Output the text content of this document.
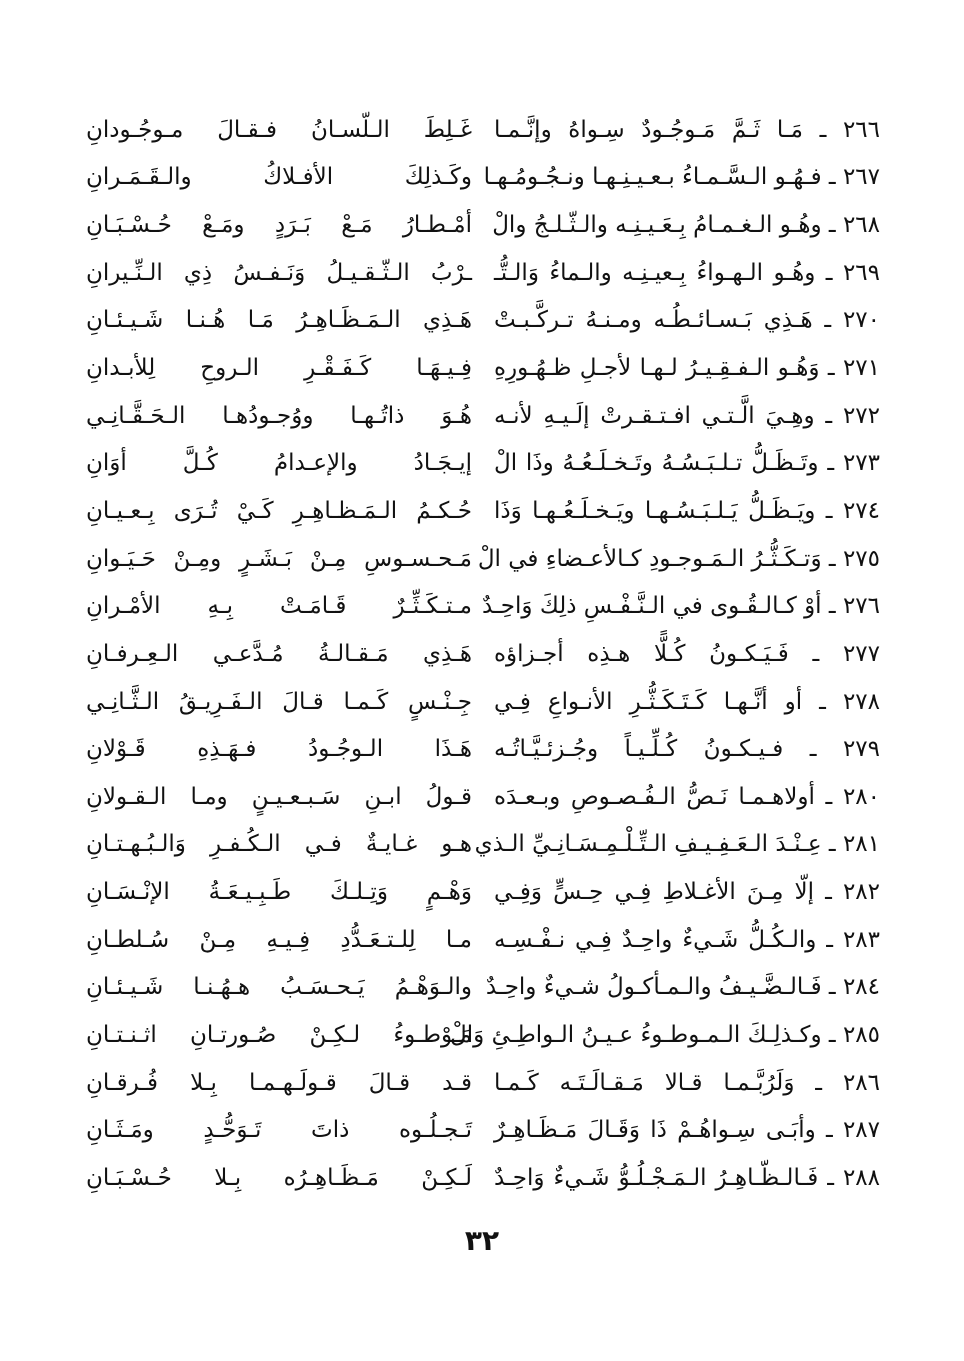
٢٦٦ ـ مَـا ثَـمَّ مَـوجُـودٌ سِـواهُ وإنَّـمـا
غَـلِطَ الـلّسـانُ فـقـالَ مـوجُـودانِ
٢٦٧ ـ فـهُـو الـسَّـمـاءُ بـعـيـنِـهـا ونـجُـومُـهـا
وكَـذلِكَ الأفـلاكُ والـقَـمَـرانِ
٢٦٨ ـ وهُـو الـغـمـامُ بِـعَـيـنِـه والـثّـلـجُ والْ
أمْـطـارُ مَـعْ بَـرَدٍ ومَـعْ حُـسْـبَـانِ
٢٦٩ ـ وهُـو الـهـواءُ بِـعيـنِـه والـماءُ وَالـتُّـ
ـرْبُ الـثّـقـيـلُ وَنَـفـسُ ذِي الـنِّـيرانِ
٢٧٠ ـ هَـذِي بَـسـائـطُـه ومـنـهُ تـركَّـبـتْ
هَـذِي الـمَـظَـاهِـرُ مَـا هُـنـا شَـيـئـانِ
٢٧١ ـ وَهُـو الـفـقِـيـرُ لـهـا لأجـلِ ظـهُـورِهِ
فِـيـهَـا كَـفَـقْـرِ الـروحِ لِلأبـدانِ
٢٧٢ ـ وهِـيَ الَّـتـي افـتـقـرتْ إلَـيـهِ لأنـه
هُـوَ ذاتُـهـا ووُجـودُهـا الـحَـقَّـانِـي
٢٧٣ ـ وتَـظَـلُّ تـلـبَـسُـهُ وتَـخـلَـعُـهُ وذَا الْ
إيـجَـادُ والإعـدامُ كُـلَّ أوَانِ
٢٧٤ ـ ويَـظَـلُّ يَـلـبَـسُـهـا ويَـخـلَـعُـهـا وَذَا
حُـكـمُ الـمَـظـاهِـرِ كَـيْ تُـرَى بِـعـيـانِ
٢٧٥ ـ وَتـكَـثُّـرُ الـمَـوجـودِ كـالأعـضاءِ في الْ
مَـحـسـوسِ مِـنْ بَـشَـرٍ ومِـنْ حَـيَـوانِ
٢٧٦ ـ أوْ كـالـقُـوى في الـنَّـفْـسِ ذلِكَ وَاحِـدٌ
مـتـكَـثِّـرٌ قَـامَـتْ بِـهِ الأمْـرانِ
٢٧٧ ـ فَـيَـكـونُ كُـلًّا هـذِه أجـزاؤه
هَـذِي مَـقـالـةُ مُـدَّعـي الـعِـرفـانِ
٢٧٨ ـ أو أنَّـهـا كَـتَـكَـثُّـرِ الأنـواعِ فِـي
جِـنْـسٍ كَـمـا قـالَ الـفَـرِيـقُ الـثَّـانِـي
٢٧٩ ـ فـيـكـونُ كُـلِّـيـاً وجُـزئـيَّـاتُـه
هَـذَا الـوجُـودُ فـهَـذِهِ قَـوْلانِ
٢٨٠ ـ أولاهـمـا نَـصُّ الـفُـصـوصِ وبـعـدَه
قـولُ ابـنِ سَـبـعـيـنٍ ومـا الـقـولانِ
٢٨١ ـ عِـنْـدَ الـعَـفِـيـفِ الـتِّـلْـمِـسَـانِـيِّ الـذي
هـو غـايـةٌ فـي الـكُـفـرِ وَالـبُـهـتـانِ
٢٨٢ ـ إلّا مِـنَ الأغـلاطِ فِـي حِـسٍّ وَفِـي
وَهْـمٍ وَتِـلـكَ طَـبِـيـعَـةُ الإنْـسَـانِ
٢٨٣ ـ والـكُـلُّ شَـيءٌ واحِـدٌ فِـي نـفْـسِـه
مـا لِلـتـعَـدُّدِ فِـيـهِ مِـنْ سُـلطـانِ
٢٨٤ ـ فَـالـضَّـيـفُ والـمـأكـولُ شـيءٌ واحِـدٌ
والـوَهْـمُ يَـحـسَـبُ هـهُـنـا شَـيـئـانِ
٢٨٥ ـ وكـذلِـكَ الـمـوطـوءُ عـيـنُ الـواطِـئِ وَالْ
مَـوْطـوءُ لـكِـنْ صُـورتـانِ اثـنـتـانِ
٢٨٦ ـ وَلَرُبَّـمـا قـالا مَـقـالَـتَـه كَـمـا
قـد قـالَ قـولَـهـمـا بِـلا فُـرقـانِ
٢٨٧ ـ وأبَـى سِـواهُـمْ ذَا وَقَـالَ مَـظَـاهِـرٌ
تَـجـلُـوه ذاتَ تَـوَحُّـدٍ ومَـثَـانِ
٢٨٨ ـ فَـالـظّـاهِـرُ الـمَـجْـلُـوُّ شَـيءٌ وَاحِـدٌ
لَـكِـنْ مَـظَـاهِـرُه بِـلا حُـسْـبَـانِ
٣٢
